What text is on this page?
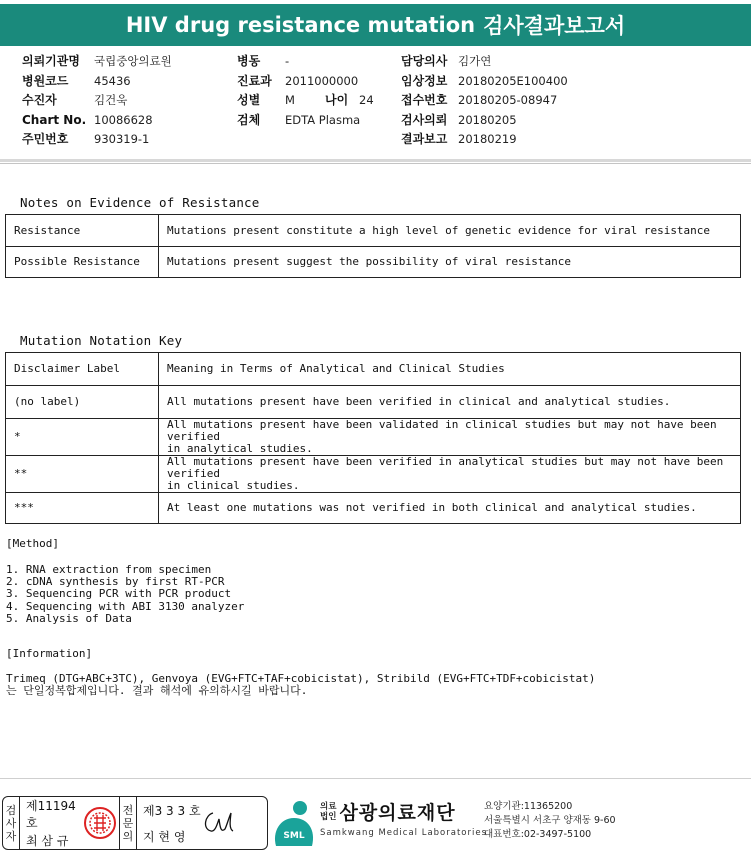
HIV drug resistance mutation 검사결과보고서
의뢰기관명	국립중앙의료원
병원코드	45436
수진자	김건욱
Chart No. 10086628
주민번호	930319-1
병동	-
진료과	2011000000
성별	M	나이 24
검체	EDTA Plasma
담당의사 김가연
임상정보 20180205E100400
접수번호 20180205-08947
검사의뢰 20180205
결과보고 20180219
Notes on Evidence of Resistance
Resistance	Mutations present constitute a high level of genetic evidence for viral resistance
Possible Resistance	Mutations present suggest the possibility of viral resistance
Mutation Notation Key
Disclaimer Label	Meaning in Terms of Analytical and Clinical Studies
(no label)	All mutations present have been verified in clinical and analytical studies.
*	All mutations present have been validated in clinical studies but may not have been verified
in analytical studies.
**	All mutations present have been verified in analytical studies but may not have been verified
in clinical studies.
***	At least one mutations was not verified in both clinical and analytical studies.
[Method]
1. RNA extraction from specimen
2. cDNA synthesis by first RT-PCR
3. Sequencing PCR with PCR product
4. Sequencing with ABI 3130 analyzer
5. Analysis of Data
[Information]
Trimeq (DTG+ABC+3TC), Genvoya (EVG+FTC+TAF+cobicistat), Stribild (EVG+FTC+TDF+cobicistat)
는 단일정복합제입니다. 결과 해석에 유의하시길 바랍니다.
검
사
자
제11194호
최 삼 규
전
문
의
제3 3 3 호
지 현 영	SML
의료
법인 삼광의료재단
Samkwang Medical Laboratories
요양기관:11365200
서울특별시 서초구 양재동 9-60
대표번호:02-3497-5100
